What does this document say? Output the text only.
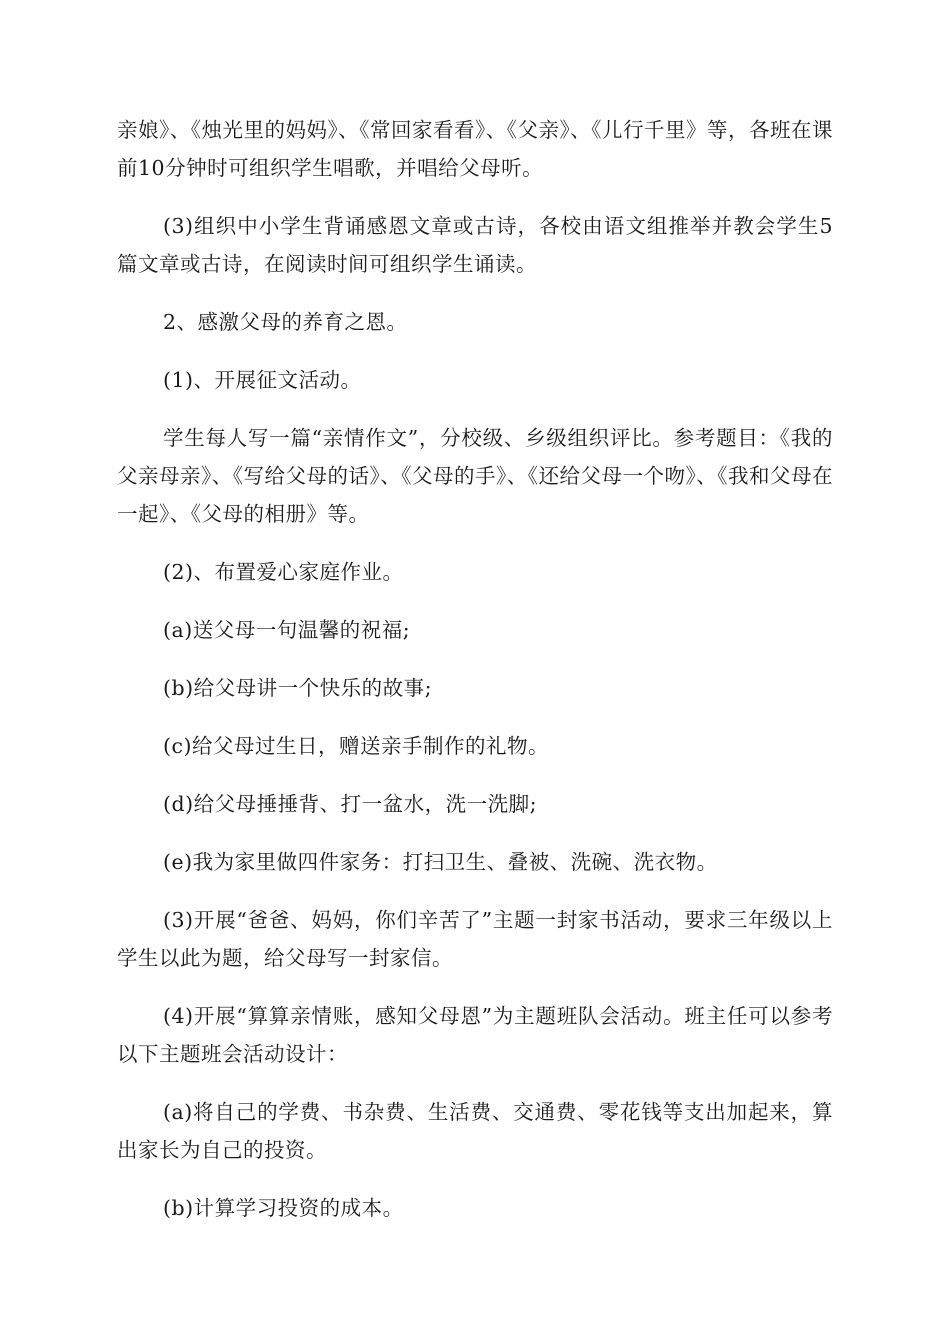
亲娘》、《烛光里的妈妈》、《常回家看看》、《父亲》、《儿行千里》等，各班在课前10分钟时可组织学生唱歌，并唱给父母听。

(3)组织中小学生背诵感恩文章或古诗，各校由语文组推举并教会学生5篇文章或古诗，在阅读时间可组织学生诵读。

2、感激父母的养育之恩。

(1)、开展征文活动。

学生每人写一篇“亲情作文”，分校级、乡级组织评比。参考题目：《我的父亲母亲》、《写给父母的话》、《父母的手》、《还给父母一个吻》、《我和父母在一起》、《父母的相册》等。

(2)、布置爱心家庭作业。

(a)送父母一句温馨的祝福;

(b)给父母讲一个快乐的故事;

(c)给父母过生日，赠送亲手制作的礼物。

(d)给父母捶捶背、打一盆水，洗一洗脚;

(e)我为家里做四件家务：打扫卫生、叠被、洗碗、洗衣物。

(3)开展“爸爸、妈妈，你们辛苦了”主题一封家书活动，要求三年级以上学生以此为题，给父母写一封家信。

(4)开展“算算亲情账，感知父母恩”为主题班队会活动。班主任可以参考以下主题班会活动设计：

(a)将自己的学费、书杂费、生活费、交通费、零花钱等支出加起来，算出家长为自己的投资。

(b)计算学习投资的成本。
